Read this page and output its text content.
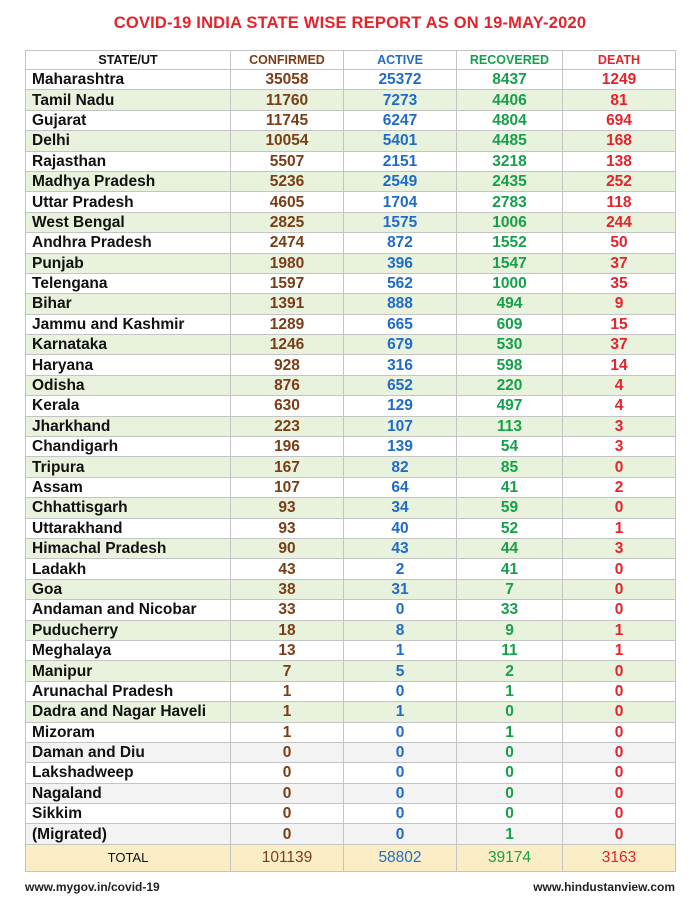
COVID-19 INDIA STATE WISE REPORT AS ON 19-MAY-2020
STATE/UT	CONFIRMED	ACTIVE	RECOVERED	DEATH
Maharashtra	35058	25372	8437	1249
Tamil Nadu	11760	7273	4406	81
Gujarat	11745	6247	4804	694
Delhi	10054	5401	4485	168
Rajasthan	5507	2151	3218	138
Madhya Pradesh	5236	2549	2435	252
Uttar Pradesh	4605	1704	2783	118
West Bengal	2825	1575	1006	244
Andhra Pradesh	2474	872	1552	50
Punjab	1980	396	1547	37
Telengana	1597	562	1000	35
Bihar	1391	888	494	9
Jammu and Kashmir	1289	665	609	15
Karnataka	1246	679	530	37
Haryana	928	316	598	14
Odisha	876	652	220	4
Kerala	630	129	497	4
Jharkhand	223	107	113	3
Chandigarh	196	139	54	3
Tripura	167	82	85	0
Assam	107	64	41	2
Chhattisgarh	93	34	59	0
Uttarakhand	93	40	52	1
Himachal Pradesh	90	43	44	3
Ladakh	43	2	41	0
Goa	38	31	7	0
Andaman and Nicobar	33	0	33	0
Puducherry	18	8	9	1
Meghalaya	13	1	11	1
Manipur	7	5	2	0
Arunachal Pradesh	1	0	1	0
Dadra and Nagar Haveli	1	1	0	0
Mizoram	1	0	1	0
Daman and Diu	0	0	0	0
Lakshadweep	0	0	0	0
Nagaland	0	0	0	0
Sikkim	0	0	0	0
(Migrated)	0	0	1	0
TOTAL	101139	58802	39174	3163
www.mygov.in/covid-19	www.hindustanview.com
